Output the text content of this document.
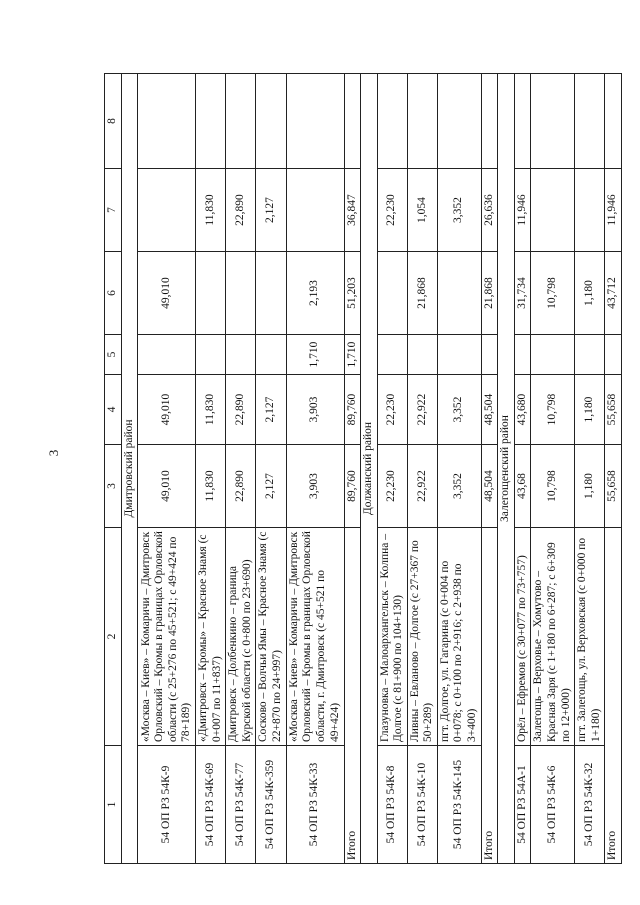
3
1	2	3	4	5	6	7	8
Дмитровский район							
54 ОП РЗ 54К-9	«Москва – Киев» – Комаричи – Дмитровск Орловский – Кромы в границах Орловской области (с 25+276 по 45+521; с 49+424 по 78+189)	49,010	49,010		49,010		
54 ОП РЗ 54К-69	«Дмитровск – Кромы» – Красное Знамя (с 0+007 по 11+837)	11,830	11,830			11,830	
54 ОП РЗ 54К-77	Дмитровск – Долбенкино – граница Курской области (с 0+800 по 23+690)	22,890	22,890			22,890	
54 ОП РЗ 54К-359	Сосково – Волчьи Ямы – Красное Знамя (с 22+870 по 24+997)	2,127	2,127			2,127	
54 ОП РЗ 54К-33	«Москва – Киев» – Комаричи – Дмитровск Орловский – Кромы в границах Орловской области, г. Дмитровск (с 45+521 по 49+424)	3,903	3,903	1,710	2,193		
Итого		89,760	89,760	1,710	51,203	36,847	
Должанский район							
54 ОП РЗ 54К-8	Глазуновка – Малоархангельск – Колпна – Долгое (с 81+900 по 104+130)	22,230	22,230			22,230	
54 ОП РЗ 54К-10	Ливны – Евланово – Долгое (с 27+367 по 50+289)	22,922	22,922		21,868	1,054	
54 ОП РЗ 54К-145	пгт. Долгое, ул. Гагарина (с 0+004 по 0+078; с 0+100 по 2+916; с 2+938 по 3+400)	3,352	3,352			3,352	
Итого		48,504	48,504		21,868	26,636	
Залегощенский район							
54 ОП РЗ 54А-1	Орёл – Ефремов (с 30+077 по 73+757)	43,68	43,680		31,734	11,946	
54 ОП РЗ 54К-6	Залегощь – Верховье – Хомутово – Красная Заря (с 1+180 по 6+287; с 6+309 по 12+000)	10,798	10,798		10,798		
54 ОП РЗ 54К-32	пгт. Залегощь, ул. Верховская (с 0+000 по 1+180)	1,180	1,180		1,180		
Итого		55,658	55,658		43,712	11,946	
